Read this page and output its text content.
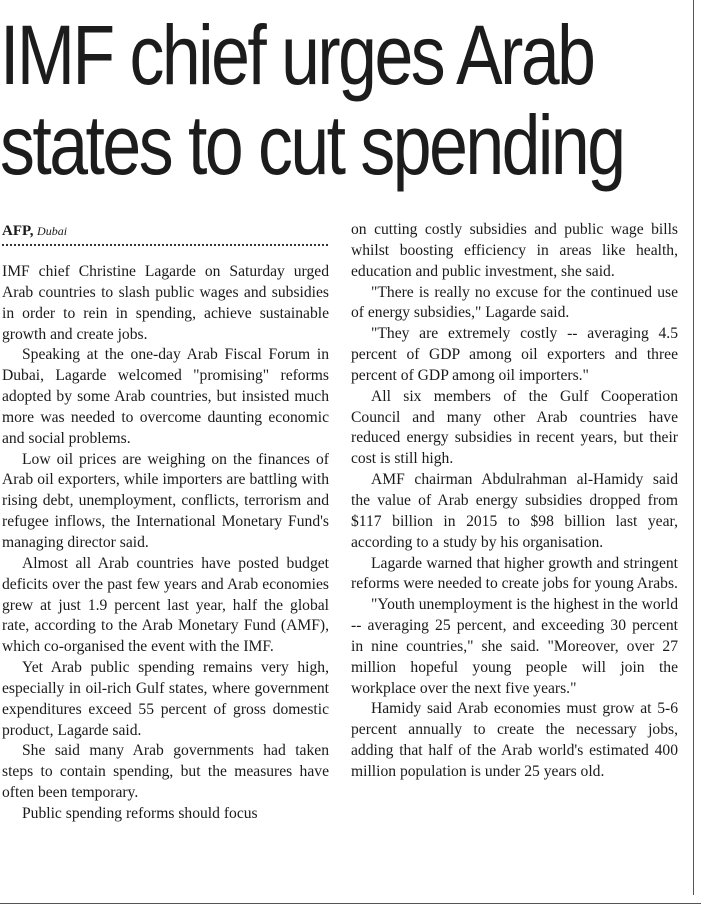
IMF chief urges Arab
states to cut spending
AFP, Dubai

IMF chief Christine Lagarde on Saturday urged Arab countries to slash public wages and subsidies in order to rein in spending, achieve sustainable growth and create jobs.

Speaking at the one-day Arab Fiscal Forum in Dubai, Lagarde welcomed "promising" reforms adopted by some Arab countries, but insisted much more was needed to overcome daunting economic and social problems.

Low oil prices are weighing on the finances of Arab oil exporters, while importers are battling with rising debt, unemployment, conflicts, terrorism and refugee inflows, the International Monetary Fund's managing director said.

Almost all Arab countries have posted budget deficits over the past few years and Arab economies grew at just 1.9 percent last year, half the global rate, according to the Arab Monetary Fund (AMF), which co-organised the event with the IMF.

Yet Arab public spending remains very high, especially in oil-rich Gulf states, where government expenditures exceed 55 percent of gross domestic product, Lagarde said.

She said many Arab governments had taken steps to contain spending, but the measures have often been temporary.

Public spending reforms should focus

on cutting costly subsidies and public wage bills whilst boosting efficiency in areas like health, education and public investment, she said.

"There is really no excuse for the continued use of energy subsidies," Lagarde said.

"They are extremely costly -- averaging 4.5 percent of GDP among oil exporters and three percent of GDP among oil importers."

All six members of the Gulf Cooperation Council and many other Arab countries have reduced energy subsidies in recent years, but their cost is still high.

AMF chairman Abdulrahman al-Hamidy said the value of Arab energy subsidies dropped from $117 billion in 2015 to $98 billion last year, according to a study by his organisation.

Lagarde warned that higher growth and stringent reforms were needed to create jobs for young Arabs.

"Youth unemployment is the highest in the world -- averaging 25 percent, and exceeding 30 percent in nine countries," she said. "Moreover, over 27 million hopeful young people will join the workplace over the next five years."

Hamidy said Arab economies must grow at 5-6 percent annually to create the necessary jobs, adding that half of the Arab world's estimated 400 million population is under 25 years old.
